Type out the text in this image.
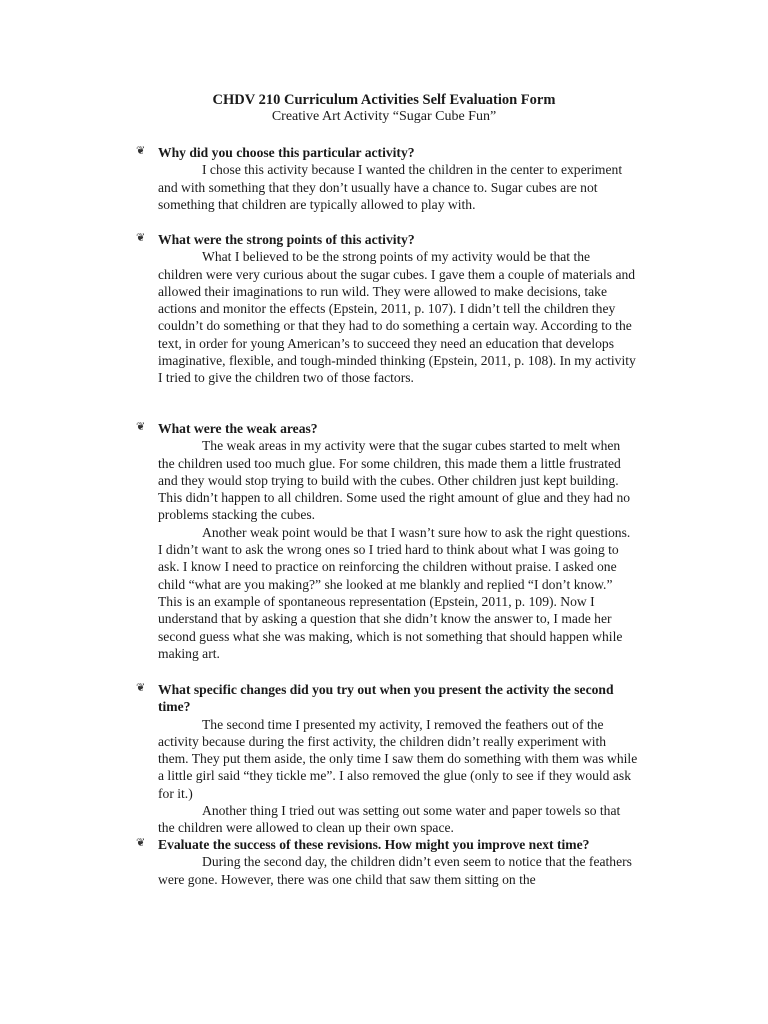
CHDV 210 Curriculum Activities Self Evaluation Form
Creative Art Activity “Sugar Cube Fun”
❦ Why did you choose this particular activity?

I chose this activity because I wanted the children in the center to experiment and with something that they don’t usually have a chance to. Sugar cubes are not something that children are typically allowed to play with.

❦ What were the strong points of this activity?

What I believed to be the strong points of my activity would be that the children were very curious about the sugar cubes. I gave them a couple of materials and allowed their imaginations to run wild. They were allowed to make decisions, take actions and monitor the effects (Epstein, 2011, p. 107). I didn’t tell the children they couldn’t do something or that they had to do something a certain way. According to the text, in order for young American’s to succeed they need an education that develops imaginative, flexible, and tough-minded thinking (Epstein, 2011, p. 108). In my activity I tried to give the children two of those factors.

❦ What were the weak areas?

The weak areas in my activity were that the sugar cubes started to melt when the children used too much glue. For some children, this made them a little frustrated and they would stop trying to build with the cubes. Other children just kept building. This didn’t happen to all children. Some used the right amount of glue and they had no problems stacking the cubes.

Another weak point would be that I wasn’t sure how to ask the right questions. I didn’t want to ask the wrong ones so I tried hard to think about what I was going to ask. I know I need to practice on reinforcing the children without praise. I asked one child “what are you making?” she looked at me blankly and replied “I don’t know.” This is an example of spontaneous representation (Epstein, 2011, p. 109). Now I understand that by asking a question that she didn’t know the answer to, I made her second guess what she was making, which is not something that should happen while making art.

❦ What specific changes did you try out when you present the activity the second time?

The second time I presented my activity, I removed the feathers out of the activity because during the first activity, the children didn’t really experiment with them. They put them aside, the only time I saw them do something with them was while a little girl said “they tickle me”. I also removed the glue (only to see if they would ask for it.)

Another thing I tried out was setting out some water and paper towels so that the children were allowed to clean up their own space.

❦ Evaluate the success of these revisions. How might you improve next time?

During the second day, the children didn’t even seem to notice that the feathers were gone. However, there was one child that saw them sitting on the
